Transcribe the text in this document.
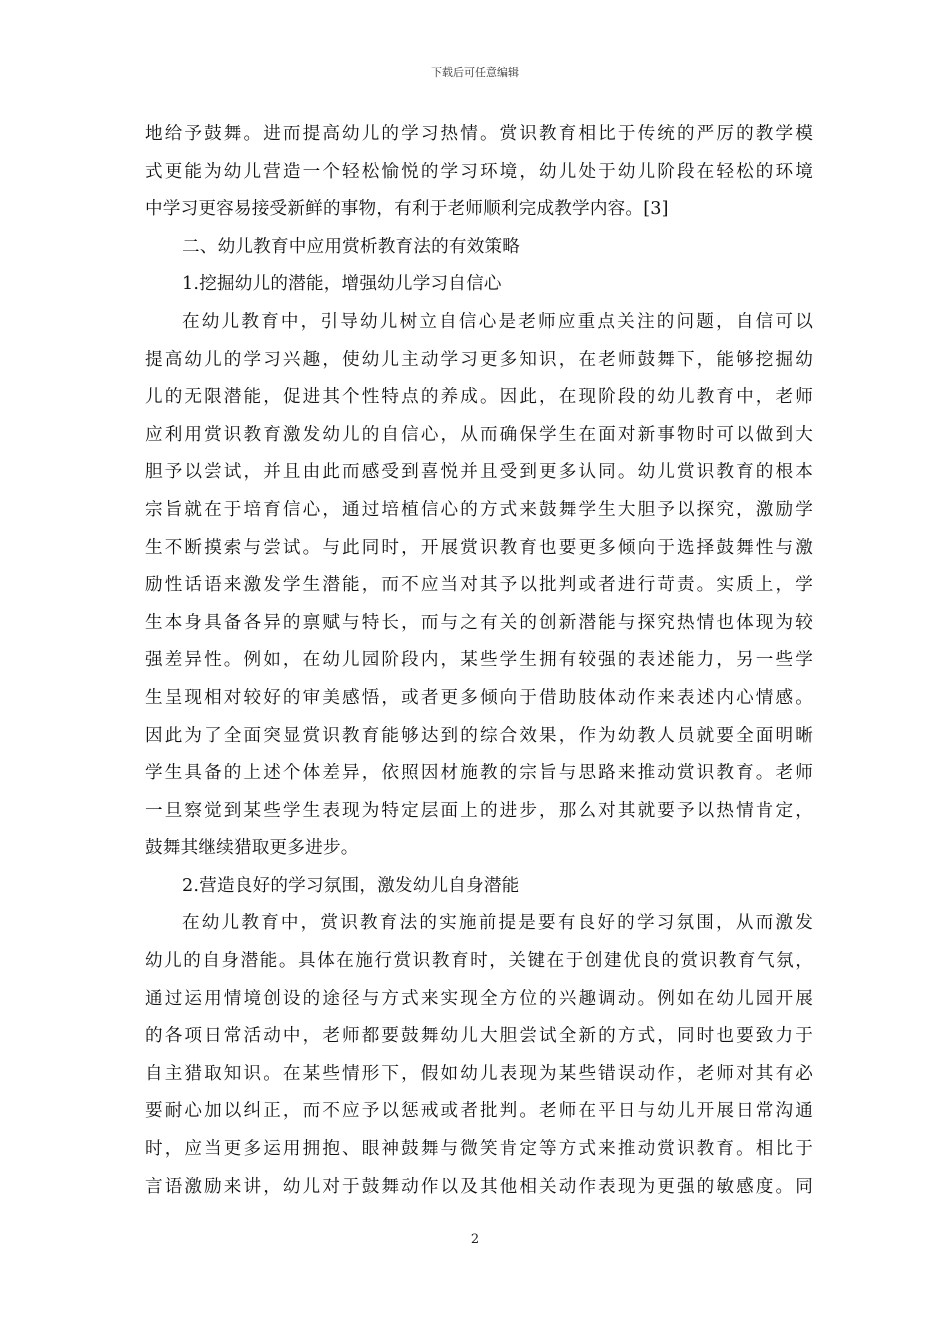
下载后可任意编辑
地给予鼓舞。进而提高幼儿的学习热情。赏识教育相比于传统的严厉的教学模
式更能为幼儿营造一个轻松愉悦的学习环境，幼儿处于幼儿阶段在轻松的环境
中学习更容易接受新鲜的事物，有利于老师顺利完成教学内容。[3]
二、幼儿教育中应用赏析教育法的有效策略
1.挖掘幼儿的潜能，增强幼儿学习自信心
在幼儿教育中，引导幼儿树立自信心是老师应重点关注的问题，自信可以
提高幼儿的学习兴趣，使幼儿主动学习更多知识，在老师鼓舞下，能够挖掘幼
儿的无限潜能，促进其个性特点的养成。因此，在现阶段的幼儿教育中，老师
应利用赏识教育激发幼儿的自信心，从而确保学生在面对新事物时可以做到大
胆予以尝试，并且由此而感受到喜悦并且受到更多认同。幼儿赏识教育的根本
宗旨就在于培育信心，通过培植信心的方式来鼓舞学生大胆予以探究，激励学
生不断摸索与尝试。与此同时，开展赏识教育也要更多倾向于选择鼓舞性与激
励性话语来激发学生潜能，而不应当对其予以批判或者进行苛责。实质上，学
生本身具备各异的禀赋与特长，而与之有关的创新潜能与探究热情也体现为较
强差异性。例如，在幼儿园阶段内，某些学生拥有较强的表述能力，另一些学
生呈现相对较好的审美感悟，或者更多倾向于借助肢体动作来表述内心情感。
因此为了全面突显赏识教育能够达到的综合效果，作为幼教人员就要全面明晰
学生具备的上述个体差异，依照因材施教的宗旨与思路来推动赏识教育。老师
一旦察觉到某些学生表现为特定层面上的进步，那么对其就要予以热情肯定，
鼓舞其继续猎取更多进步。
2.营造良好的学习氛围，激发幼儿自身潜能
在幼儿教育中，赏识教育法的实施前提是要有良好的学习氛围，从而激发
幼儿的自身潜能。具体在施行赏识教育时，关键在于创建优良的赏识教育气氛，
通过运用情境创设的途径与方式来实现全方位的兴趣调动。例如在幼儿园开展
的各项日常活动中，老师都要鼓舞幼儿大胆尝试全新的方式，同时也要致力于
自主猎取知识。在某些情形下，假如幼儿表现为某些错误动作，老师对其有必
要耐心加以纠正，而不应予以惩戒或者批判。老师在平日与幼儿开展日常沟通
时，应当更多运用拥抱、眼神鼓舞与微笑肯定等方式来推动赏识教育。相比于
言语激励来讲，幼儿对于鼓舞动作以及其他相关动作表现为更强的敏感度。同
2
